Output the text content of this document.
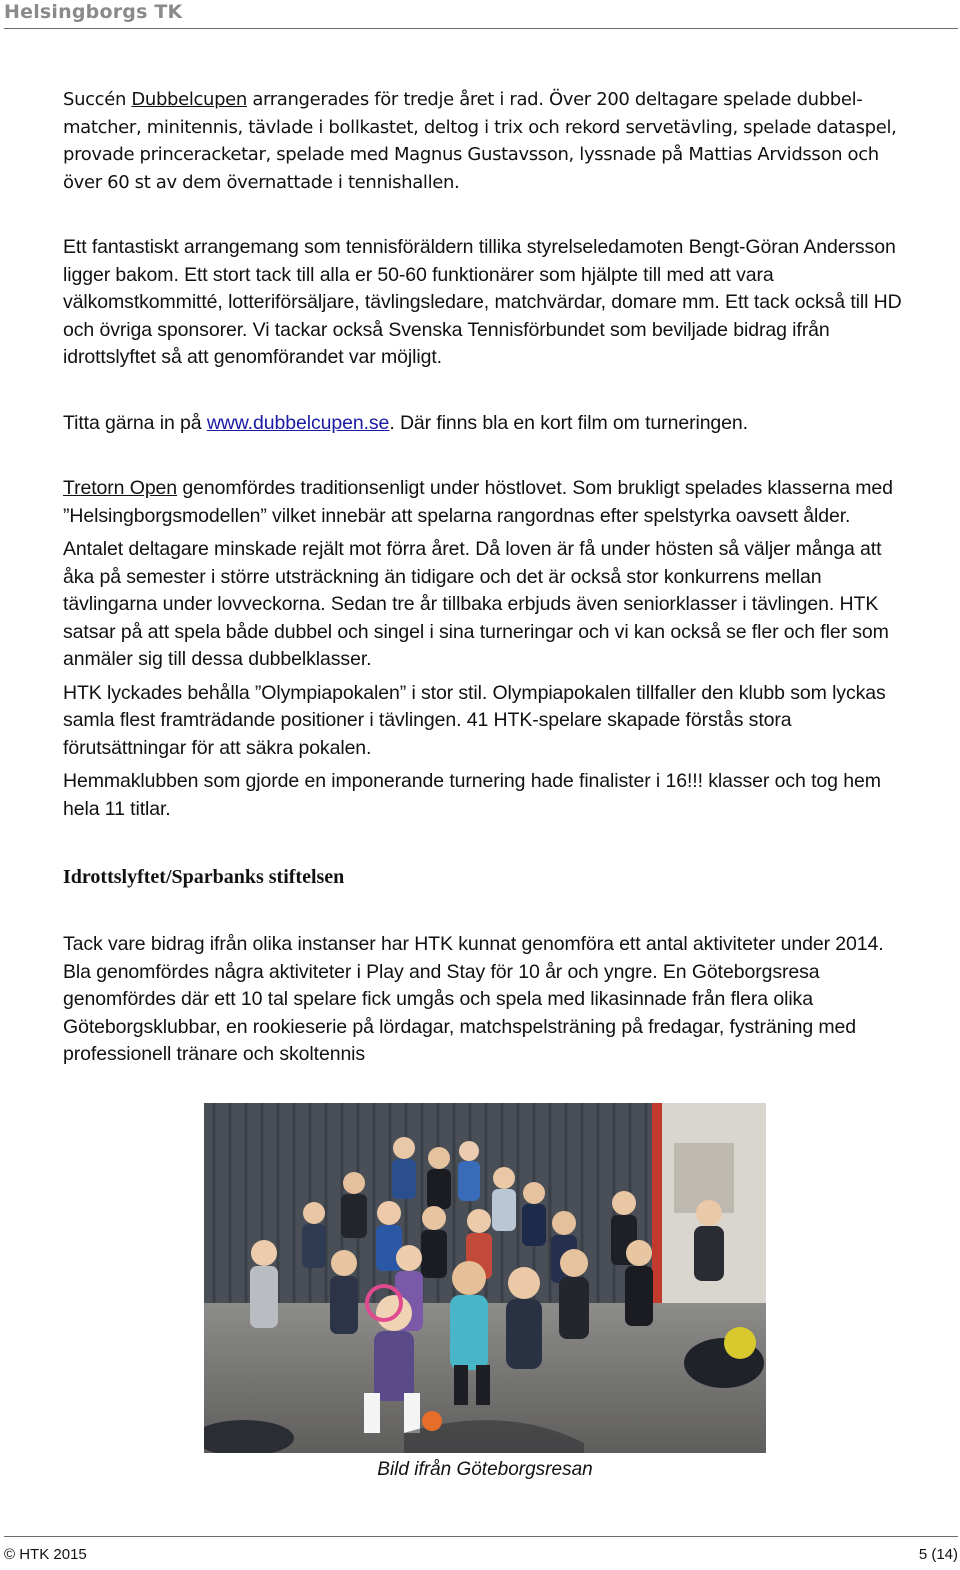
Helsingborgs TK

Succén Dubbelcupen arrangerades för tredje året i rad. Över 200 deltagare spelade dubbelmatcher, minitennis, tävlade i bollkastet, deltog i trix och rekord servetävling, spelade dataspel, provade princeracketar, spelade med Magnus Gustavsson, lyssnade på Mattias Arvidsson och över 60 st av dem övernattade i tennishallen.

Ett fantastiskt arrangemang som tennisföräldern tillika styrelseledamoten Bengt-Göran Andersson ligger bakom. Ett stort tack till alla er 50-60 funktionärer som hjälpte till med att vara välkomstkommitté, lotteriförsäljare, tävlingsledare, matchvärdar, domare mm. Ett tack också till HD och övriga sponsorer. Vi tackar också Svenska Tennisförbundet som beviljade bidrag ifrån idrottslyftet så att genomförandet var möjligt.

Titta gärna in på www.dubbelcupen.se. Där finns bla en kort film om turneringen.

Tretorn Open genomfördes traditionsenligt under höstlovet. Som brukligt spelades klasserna med ”Helsingborgsmodellen” vilket innebär att spelarna rangordnas efter spelstyrka oavsett ålder.

Antalet deltagare minskade rejält mot förra året. Då loven är få under hösten så väljer många att åka på semester i större utsträckning än tidigare och det är också stor konkurrens mellan tävlingarna under lovveckorna. Sedan tre år tillbaka erbjuds även seniorklasser i tävlingen. HTK satsar på att spela både dubbel och singel i sina turneringar och vi kan också se fler och fler som anmäler sig till dessa dubbelklasser.

HTK lyckades behålla ”Olympiapokalen” i stor stil. Olympiapokalen tillfaller den klubb som lyckas samla flest framträdande positioner i tävlingen. 41 HTK-spelare skapade förstås stora förutsättningar för att säkra pokalen.

Hemmaklubben som gjorde en imponerande turnering hade finalister i 16!!! klasser och tog hem hela 11 titlar.

Idrottslyftet/Sparbanks stiftelsen

Tack vare bidrag ifrån olika instanser har HTK kunnat genomföra ett antal aktiviteter under 2014. Bla genomfördes några aktiviteter i Play and Stay för 10 år och yngre. En Göteborgsresa genomfördes där ett 10 tal spelare fick umgås och spela med likasinnade från flera olika Göteborgsklubbar, en rookieserie på lördagar, matchspelsträning på fredagar, fysträning med professionell tränare och skoltennis

Bild ifrån Göteborgsresan
© HTK 2015	5 (14)
